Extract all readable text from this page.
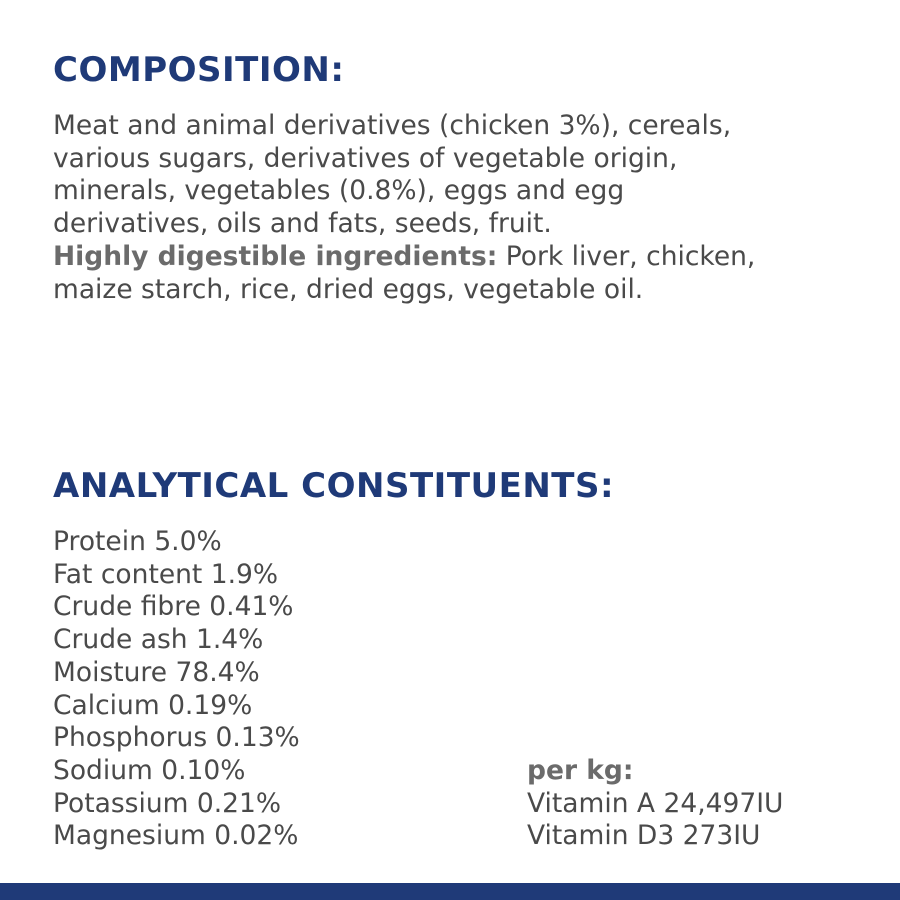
COMPOSITION:

Meat and animal derivatives (chicken 3%), cereals,
various sugars, derivatives of vegetable origin,
minerals, vegetables (0.8%), eggs and egg
derivatives, oils and fats, seeds, fruit.
Highly digestible ingredients: Pork liver, chicken,
maize starch, rice, dried eggs, vegetable oil.

ANALYTICAL CONSTITUENTS:
Protein 5.0%
Fat content 1.9%
Crude fibre 0.41%
Crude ash 1.4%
Moisture 78.4%
Calcium 0.19%
Phosphorus 0.13%
Sodium 0.10%
Potassium 0.21%
Magnesium 0.02%
per kg:
Vitamin A 24,497IU
Vitamin D3 273IU
